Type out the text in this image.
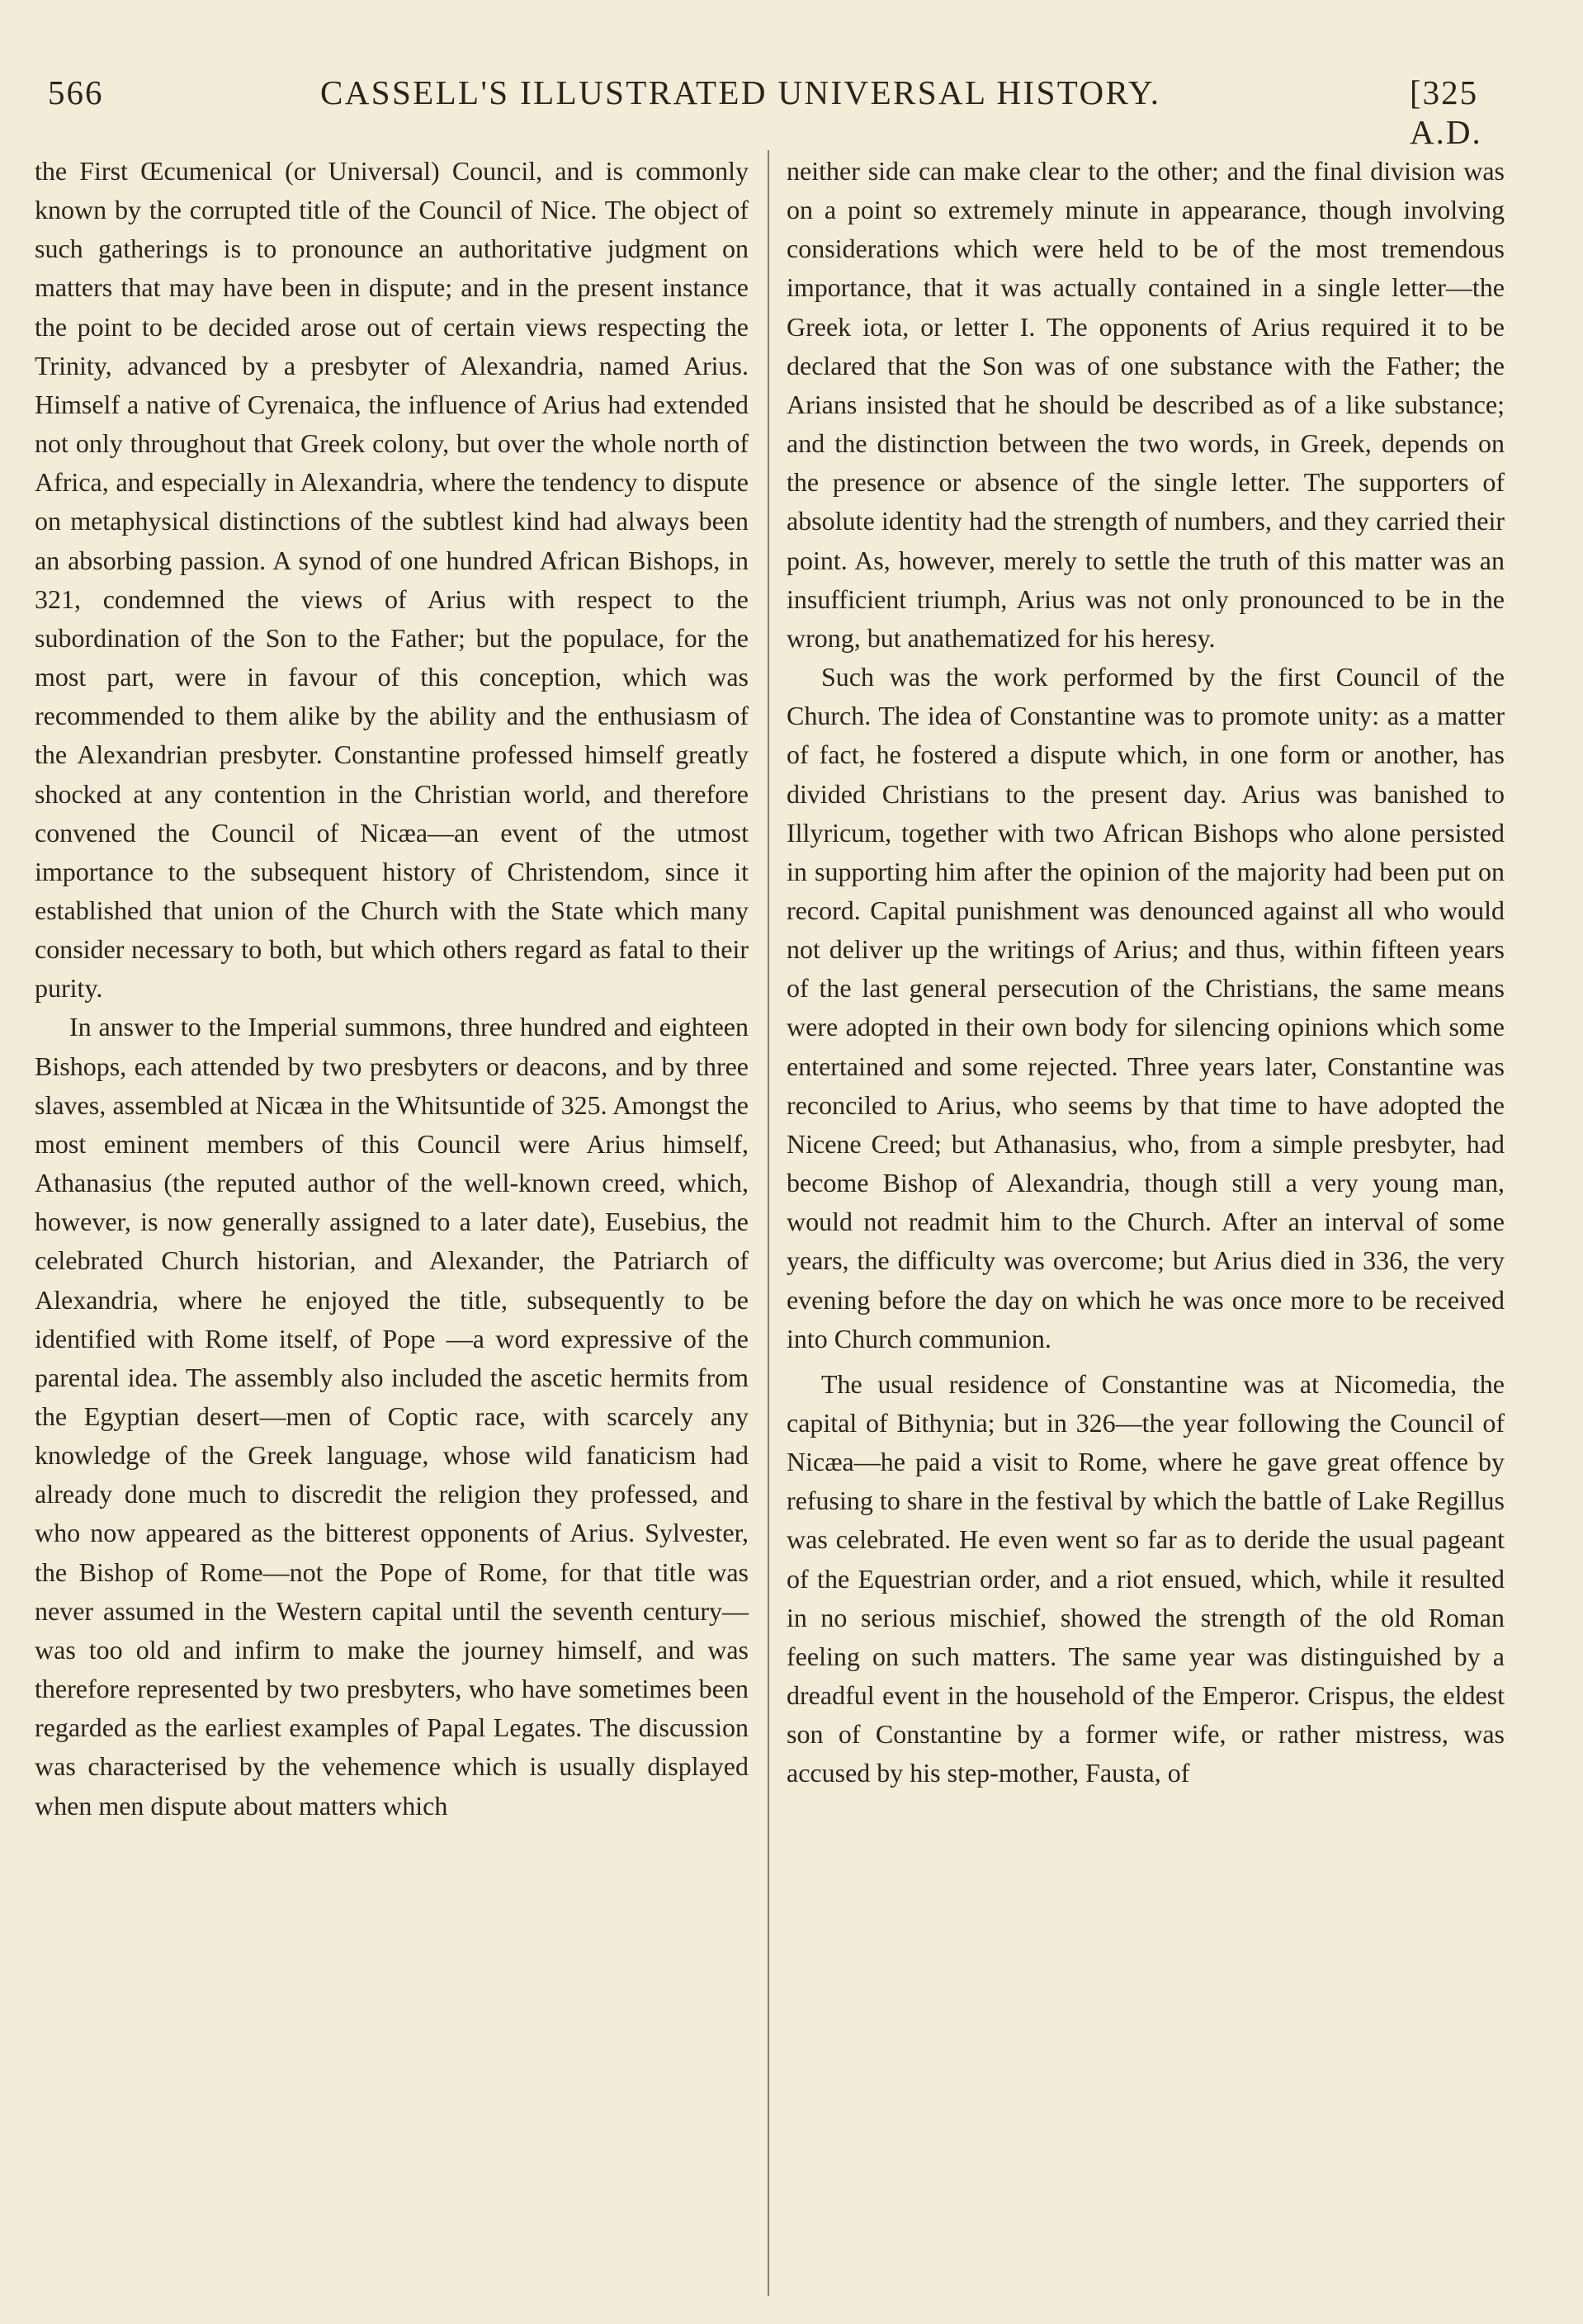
566	CASSELL'S ILLUSTRATED UNIVERSAL HISTORY.	[325 A.D.

the First Œcumenical (or Universal) Council, and is commonly known by the corrupted title of the Council of Nice. The object of such gatherings is to pronounce an authoritative judgment on matters that may have been in dispute; and in the present instance the point to be decided arose out of certain views respecting the Trinity, advanced by a presbyter of Alexandria, named Arius. Himself a native of Cyrenaica, the influence of Arius had extended not only throughout that Greek colony, but over the whole north of Africa, and especially in Alexandria, where the tendency to dispute on metaphysical distinctions of the subtlest kind had always been an absorbing passion. A synod of one hundred African Bishops, in 321, condemned the views of Arius with respect to the subordination of the Son to the Father; but the populace, for the most part, were in favour of this conception, which was recommended to them alike by the ability and the enthusiasm of the Alexandrian presbyter. Constantine professed himself greatly shocked at any contention in the Christian world, and therefore convened the Council of Nicæa—an event of the utmost importance to the subsequent history of Christendom, since it established that union of the Church with the State which many consider necessary to both, but which others regard as fatal to their purity.

In answer to the Imperial summons, three hundred and eighteen Bishops, each attended by two presbyters or deacons, and by three slaves, assembled at Nicæa in the Whitsuntide of 325. Amongst the most eminent members of this Council were Arius himself, Athanasius (the reputed author of the well-known creed, which, however, is now generally assigned to a later date), Eusebius, the celebrated Church historian, and Alexander, the Patriarch of Alexandria, where he enjoyed the title, subsequently to be identified with Rome itself, of Pope —a word expressive of the parental idea. The assembly also included the ascetic hermits from the Egyptian desert—men of Coptic race, with scarcely any knowledge of the Greek language, whose wild fanaticism had already done much to discredit the religion they professed, and who now appeared as the bitterest opponents of Arius. Sylvester, the Bishop of Rome—not the Pope of Rome, for that title was never assumed in the Western capital until the seventh century—was too old and infirm to make the journey himself, and was therefore represented by two presbyters, who have sometimes been regarded as the earliest examples of Papal Legates. The discussion was characterised by the vehemence which is usually displayed when men dispute about matters which

neither side can make clear to the other; and the final division was on a point so extremely minute in appearance, though involving considerations which were held to be of the most tremendous importance, that it was actually contained in a single letter—the Greek iota, or letter I. The opponents of Arius required it to be declared that the Son was of one substance with the Father; the Arians insisted that he should be described as of a like substance; and the distinction between the two words, in Greek, depends on the presence or absence of the single letter. The supporters of absolute identity had the strength of numbers, and they carried their point. As, however, merely to settle the truth of this matter was an insufficient triumph, Arius was not only pronounced to be in the wrong, but anathematized for his heresy.

Such was the work performed by the first Council of the Church. The idea of Constantine was to promote unity: as a matter of fact, he fostered a dispute which, in one form or another, has divided Christians to the present day. Arius was banished to Illyricum, together with two African Bishops who alone persisted in supporting him after the opinion of the majority had been put on record. Capital punishment was denounced against all who would not deliver up the writings of Arius; and thus, within fifteen years of the last general persecution of the Christians, the same means were adopted in their own body for silencing opinions which some entertained and some rejected. Three years later, Constantine was reconciled to Arius, who seems by that time to have adopted the Nicene Creed; but Athanasius, who, from a simple presbyter, had become Bishop of Alexandria, though still a very young man, would not readmit him to the Church. After an interval of some years, the difficulty was overcome; but Arius died in 336, the very evening before the day on which he was once more to be received into Church communion.

The usual residence of Constantine was at Nicomedia, the capital of Bithynia; but in 326—the year following the Council of Nicæa—he paid a visit to Rome, where he gave great offence by refusing to share in the festival by which the battle of Lake Regillus was celebrated. He even went so far as to deride the usual pageant of the Equestrian order, and a riot ensued, which, while it resulted in no serious mischief, showed the strength of the old Roman feeling on such matters. The same year was distinguished by a dreadful event in the household of the Emperor. Crispus, the eldest son of Constantine by a former wife, or rather mistress, was accused by his step-mother, Fausta, of
